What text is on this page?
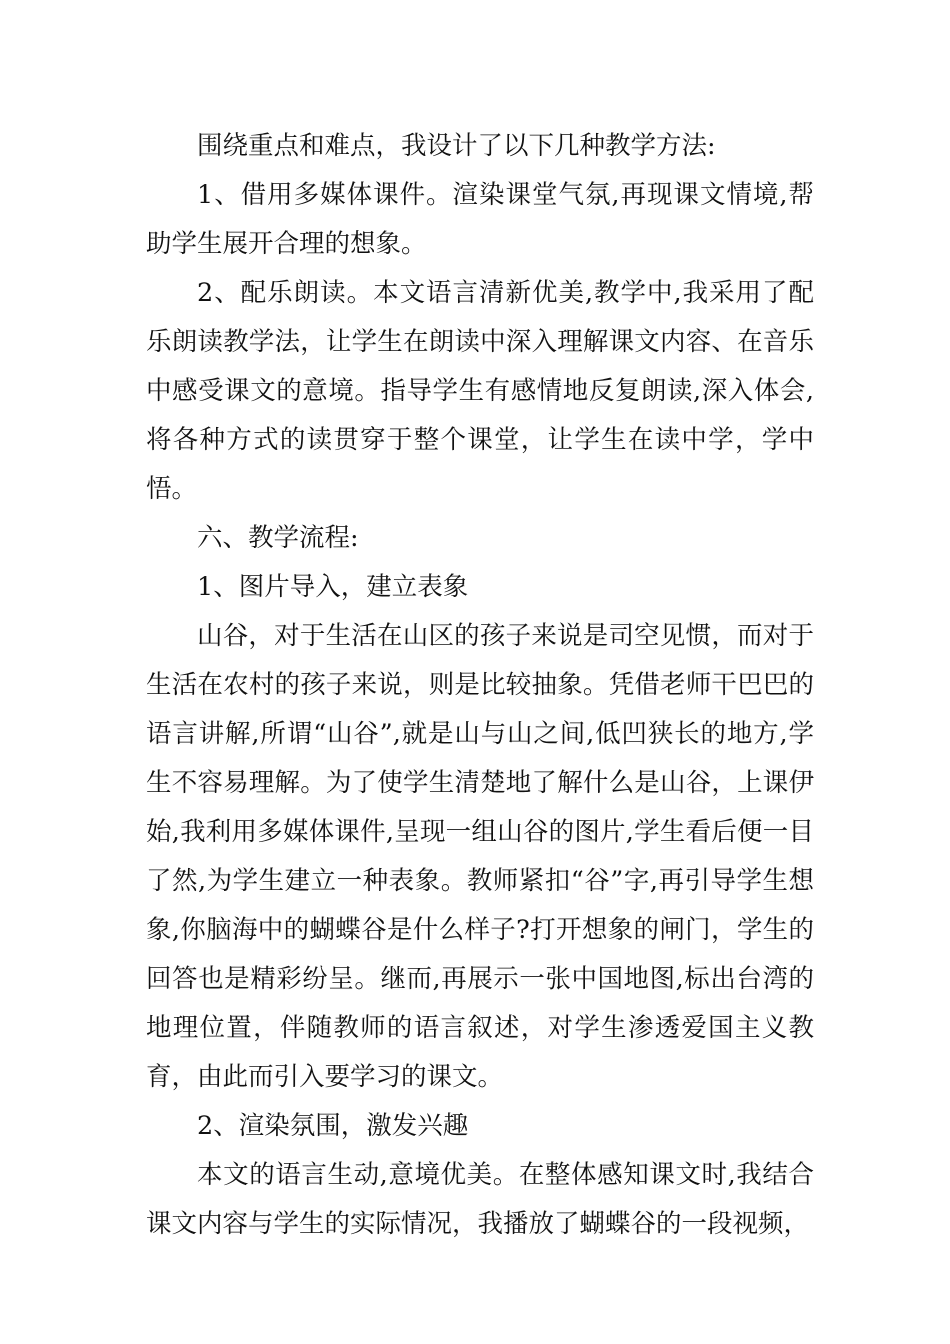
围绕重点和难点，我设计了以下几种教学方法:

1、借用多媒体课件。渲染课堂气氛,再现课文情境,帮助学生展开合理的想象。

2、配乐朗读。本文语言清新优美,教学中,我采用了配乐朗读教学法，让学生在朗读中深入理解课文内容、在音乐中感受课文的意境。指导学生有感情地反复朗读,深入体会,将各种方式的读贯穿于整个课堂，让学生在读中学，学中悟。

六、教学流程:

1、图片导入，建立表象

山谷，对于生活在山区的孩子来说是司空见惯，而对于生活在农村的孩子来说，则是比较抽象。凭借老师干巴巴的语言讲解,所谓“山谷”,就是山与山之间,低凹狭长的地方,学生不容易理解。为了使学生清楚地了解什么是山谷，上课伊始,我利用多媒体课件,呈现一组山谷的图片,学生看后便一目了然,为学生建立一种表象。教师紧扣“谷”字,再引导学生想象,你脑海中的蝴蝶谷是什么样子?打开想象的闸门，学生的回答也是精彩纷呈。继而,再展示一张中国地图,标出台湾的地理位置，伴随教师的语言叙述，对学生渗透爱国主义教育，由此而引入要学习的课文。

2、渲染氛围，激发兴趣

本文的语言生动,意境优美。在整体感知课文时,我结合课文内容与学生的实际情况，我播放了蝴蝶谷的一段视频，
